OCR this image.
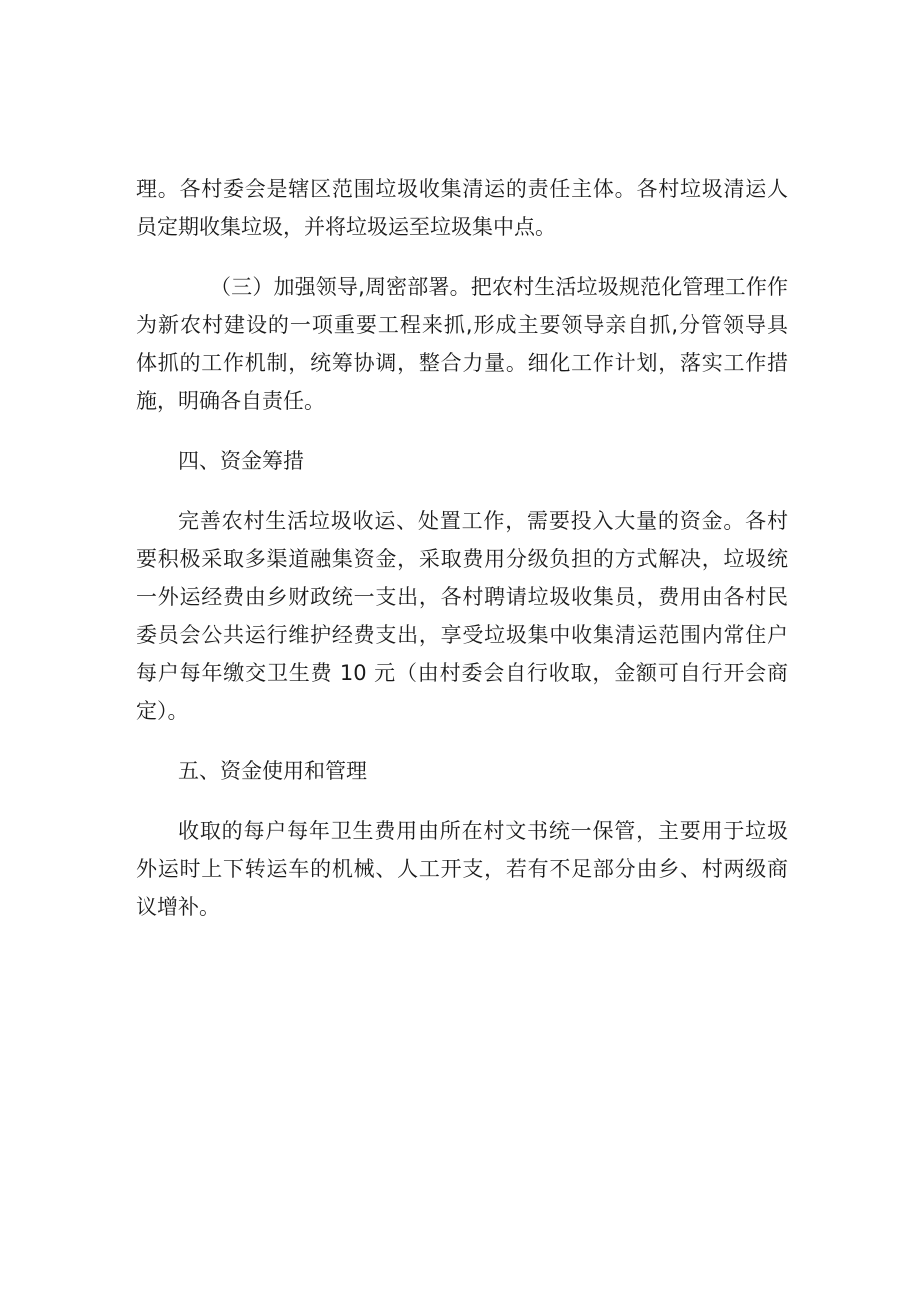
理。各村委会是辖区范围垃圾收集清运的责任主体。各村垃圾清运人
员定期收集垃圾，并将垃圾运至垃圾集中点。
（三）加强领导,周密部署。把农村生活垃圾规范化管理工作作
为新农村建设的一项重要工程来抓,形成主要领导亲自抓,分管领导具
体抓的工作机制，统筹协调，整合力量。细化工作计划，落实工作措
施，明确各自责任。
四、资金筹措
完善农村生活垃圾收运、处置工作，需要投入大量的资金。各村
要积极采取多渠道融集资金，采取费用分级负担的方式解决，垃圾统
一外运经费由乡财政统一支出，各村聘请垃圾收集员，费用由各村民
委员会公共运行维护经费支出，享受垃圾集中收集清运范围内常住户
每户每年缴交卫生费 10 元（由村委会自行收取，金额可自行开会商
定）。
五、资金使用和管理
收取的每户每年卫生费用由所在村文书统一保管，主要用于垃圾
外运时上下转运车的机械、人工开支，若有不足部分由乡、村两级商
议增补。
